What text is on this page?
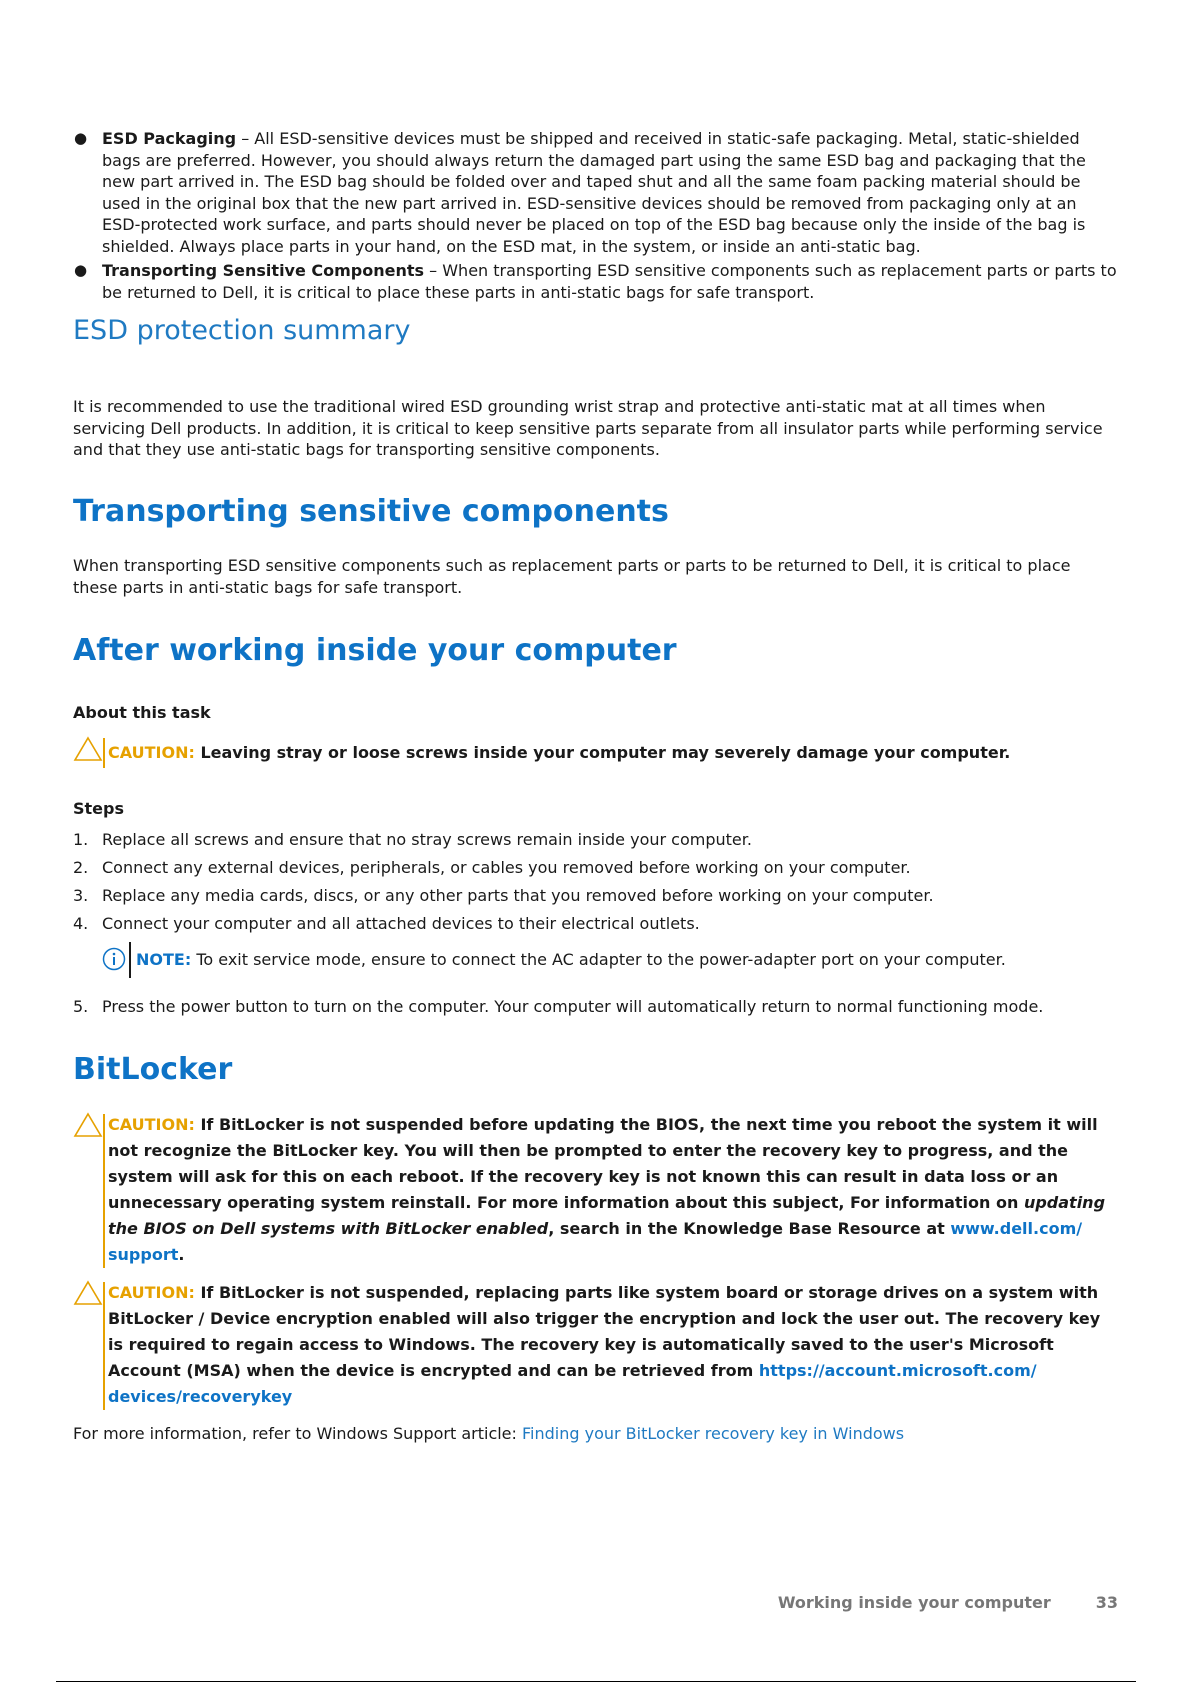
● ESD Packaging – All ESD-sensitive devices must be shipped and received in static-safe packaging. Metal, static-shielded bags are preferred. However, you should always return the damaged part using the same ESD bag and packaging that the new part arrived in. The ESD bag should be folded over and taped shut and all the same foam packing material should be used in the original box that the new part arrived in. ESD-sensitive devices should be removed from packaging only at an ESD-protected work surface, and parts should never be placed on top of the ESD bag because only the inside of the bag is shielded. Always place parts in your hand, on the ESD mat, in the system, or inside an anti-static bag.
● Transporting Sensitive Components – When transporting ESD sensitive components such as replacement parts or parts to be returned to Dell, it is critical to place these parts in anti-static bags for safe transport.
ESD protection summary

It is recommended to use the traditional wired ESD grounding wrist strap and protective anti-static mat at all times when servicing Dell products. In addition, it is critical to keep sensitive parts separate from all insulator parts while performing service and that they use anti-static bags for transporting sensitive components.

Transporting sensitive components

When transporting ESD sensitive components such as replacement parts or parts to be returned to Dell, it is critical to place these parts in anti-static bags for safe transport.

After working inside your computer

About this task

CAUTION: Leaving stray or loose screws inside your computer may severely damage your computer.

Steps

1. Replace all screws and ensure that no stray screws remain inside your computer.
2. Connect any external devices, peripherals, or cables you removed before working on your computer.
3. Replace any media cards, discs, or any other parts that you removed before working on your computer.
4. Connect your computer and all attached devices to their electrical outlets.
NOTE: To exit service mode, ensure to connect the AC adapter to the power-adapter port on your computer.
5. Press the power button to turn on the computer. Your computer will automatically return to normal functioning mode.
BitLocker
CAUTION: If BitLocker is not suspended before updating the BIOS, the next time you reboot the system it will not recognize the BitLocker key. You will then be prompted to enter the recovery key to progress, and the system will ask for this on each reboot. If the recovery key is not known this can result in data loss or an unnecessary operating system reinstall. For more information about this subject, For information on updating the BIOS on Dell systems with BitLocker enabled, search in the Knowledge Base Resource at www.dell.com/ support.
CAUTION: If BitLocker is not suspended, replacing parts like system board or storage drives on a system with BitLocker / Device encryption enabled will also trigger the encryption and lock the user out. The recovery key is required to regain access to Windows. The recovery key is automatically saved to the user's Microsoft Account (MSA) when the device is encrypted and can be retrieved from https://account.microsoft.com/ devices/recoverykey

For more information, refer to Windows Support article: Finding your BitLocker recovery key in Windows

Working inside your computer	33
